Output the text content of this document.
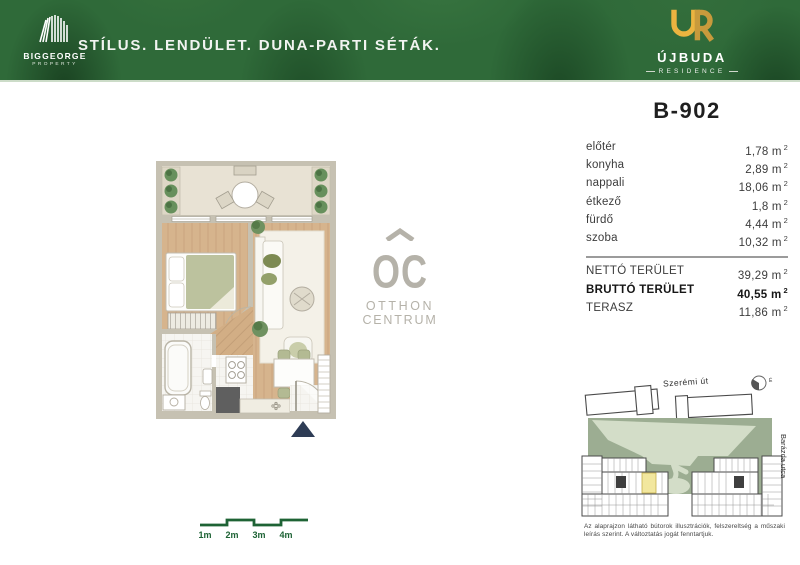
BIGGEORGE
PROPERTY
STÍLUS. LENDÜLET. DUNA-PARTI SÉTÁK.
ÚJBUDA
RESIDENCE
B-902
előtér	1,78 m $^2$
konyha	2,89 m $^2$
nappali	18,06 m $^2$
étkező	1,8 m $^2$
fürdő	4,44 m $^2$
szoba	10,32 m $^2$
NETTÓ TERÜLET	39,29 m $^2$
BRUTTÓ TERÜLET	40,55 m $^2$
TERASZ	11,86 m $^2$
OC
OTTHON
CENTRUM
1m 2m 3m 4m
Szerémi út	É
Barázda utca
Az alaprajzon látható bútorok illusztrációk, felszereltség a műszaki leírás szerint. A változtatás jogát fenntartjuk.
